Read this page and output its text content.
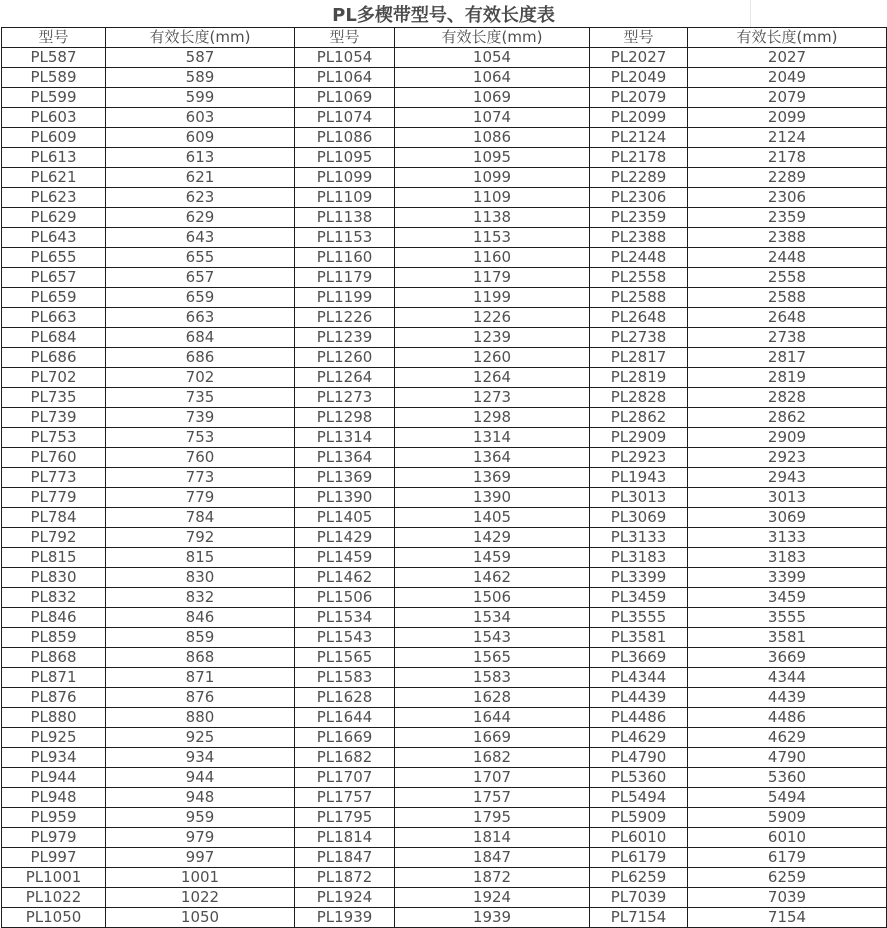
PL多楔带型号、有效长度表
型号	有效长度(mm)	型号	有效长度(mm)	型号	有效长度(mm)
PL587	587	PL1054	1054	PL2027	2027
PL589	589	PL1064	1064	PL2049	2049
PL599	599	PL1069	1069	PL2079	2079
PL603	603	PL1074	1074	PL2099	2099
PL609	609	PL1086	1086	PL2124	2124
PL613	613	PL1095	1095	PL2178	2178
PL621	621	PL1099	1099	PL2289	2289
PL623	623	PL1109	1109	PL2306	2306
PL629	629	PL1138	1138	PL2359	2359
PL643	643	PL1153	1153	PL2388	2388
PL655	655	PL1160	1160	PL2448	2448
PL657	657	PL1179	1179	PL2558	2558
PL659	659	PL1199	1199	PL2588	2588
PL663	663	PL1226	1226	PL2648	2648
PL684	684	PL1239	1239	PL2738	2738
PL686	686	PL1260	1260	PL2817	2817
PL702	702	PL1264	1264	PL2819	2819
PL735	735	PL1273	1273	PL2828	2828
PL739	739	PL1298	1298	PL2862	2862
PL753	753	PL1314	1314	PL2909	2909
PL760	760	PL1364	1364	PL2923	2923
PL773	773	PL1369	1369	PL1943	2943
PL779	779	PL1390	1390	PL3013	3013
PL784	784	PL1405	1405	PL3069	3069
PL792	792	PL1429	1429	PL3133	3133
PL815	815	PL1459	1459	PL3183	3183
PL830	830	PL1462	1462	PL3399	3399
PL832	832	PL1506	1506	PL3459	3459
PL846	846	PL1534	1534	PL3555	3555
PL859	859	PL1543	1543	PL3581	3581
PL868	868	PL1565	1565	PL3669	3669
PL871	871	PL1583	1583	PL4344	4344
PL876	876	PL1628	1628	PL4439	4439
PL880	880	PL1644	1644	PL4486	4486
PL925	925	PL1669	1669	PL4629	4629
PL934	934	PL1682	1682	PL4790	4790
PL944	944	PL1707	1707	PL5360	5360
PL948	948	PL1757	1757	PL5494	5494
PL959	959	PL1795	1795	PL5909	5909
PL979	979	PL1814	1814	PL6010	6010
PL997	997	PL1847	1847	PL6179	6179
PL1001	1001	PL1872	1872	PL6259	6259
PL1022	1022	PL1924	1924	PL7039	7039
PL1050	1050	PL1939	1939	PL7154	7154
